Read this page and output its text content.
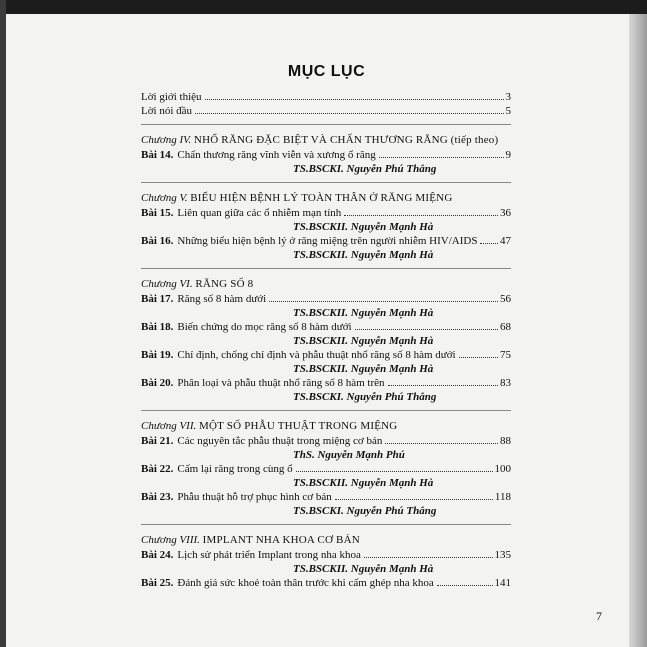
MỤC LỤC
Lời giới thiệu	3
Lời nói đầu	5
Chương IV. NHỔ RĂNG ĐẶC BIỆT VÀ CHẤN THƯƠNG RĂNG (tiếp theo)
Bài 14. Chấn thương răng vĩnh viễn và xương ổ răng	9
TS.BSCKI. Nguyễn Phú Thắng
Chương V. BIỂU HIỆN BỆNH LÝ TOÀN THÂN Ở RĂNG MIỆNG
Bài 15. Liên quan giữa các ổ nhiễm mạn tính	36
TS.BSCKII. Nguyễn Mạnh Hà
Bài 16. Những biểu hiện bệnh lý ở răng miệng trên người nhiễm HIV/AIDS 47
TS.BSCKII. Nguyễn Mạnh Hà
Chương VI. RĂNG SỐ 8
Bài 17. Răng số 8 hàm dưới	56
TS.BSCKII. Nguyễn Mạnh Hà
Bài 18. Biến chứng do mọc răng số 8 hàm dưới	68
TS.BSCKII. Nguyễn Mạnh Hà
Bài 19. Chỉ định, chống chỉ định và phẫu thuật nhổ răng số 8 hàm dưới	75
TS.BSCKII. Nguyễn Mạnh Hà
Bài 20. Phân loại và phẫu thuật nhổ răng số 8 hàm trên	83
TS.BSCKI. Nguyễn Phú Thắng
Chương VII. MỘT SỐ PHẪU THUẬT TRONG MIỆNG
Bài 21. Các nguyên tắc phẫu thuật trong miệng cơ bản	88
ThS. Nguyễn Mạnh Phú
Bài 22. Cấm lại răng trong cùng ổ	100
TS.BSCKII. Nguyễn Mạnh Hà
Bài 23. Phẫu thuật hỗ trợ phục hình cơ bản	118
TS.BSCKI. Nguyễn Phú Thắng
Chương VIII. IMPLANT NHA KHOA CƠ BẢN
Bài 24. Lịch sử phát triển Implant trong nha khoa	135
TS.BSCKII. Nguyễn Mạnh Hà
Bài 25. Đánh giá sức khoẻ toàn thân trước khi cấm ghép nha khoa	141
7
